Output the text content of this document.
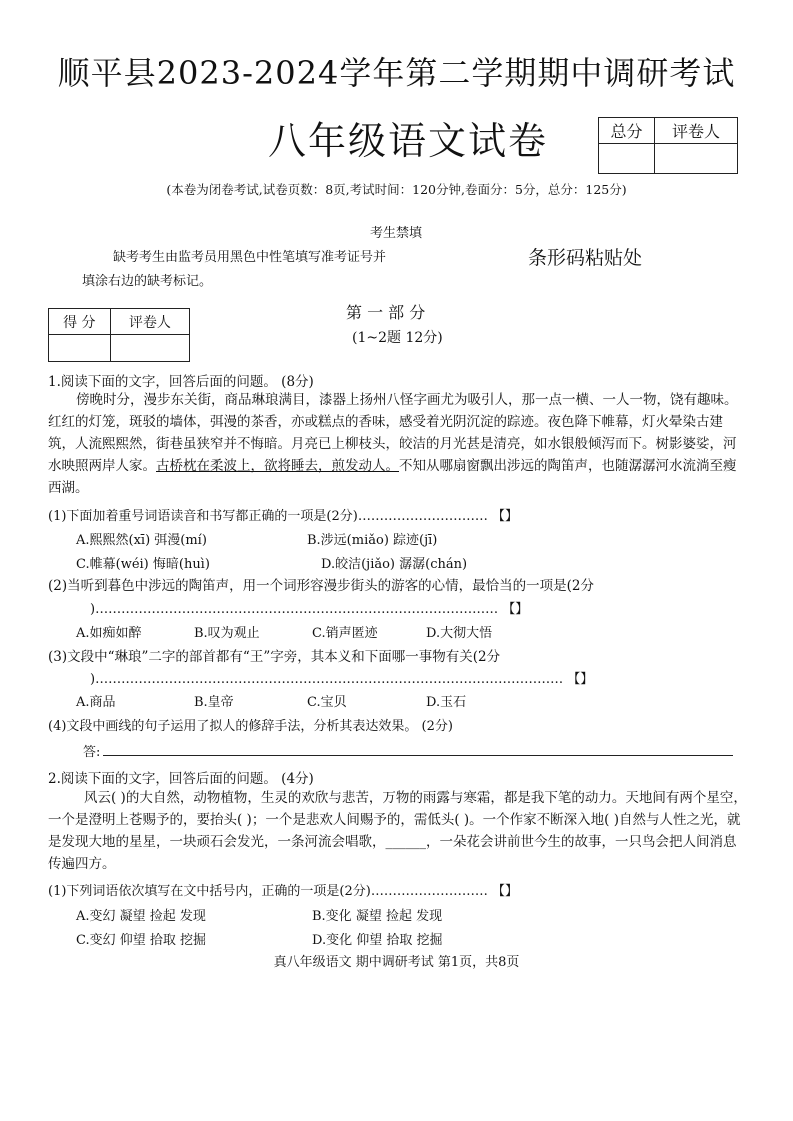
顺平县2023-2024学年第二学期期中调研考试
八年级语文试卷	总分	评卷人

(本卷为闭卷考试,试卷页数：8页,考试时间：120分钟,卷面分：5分，总分：125分)
考生禁填
缺考考生由监考员用黑色中性笔填写准考证号并
填涂右边的缺考标记。
条形码粘贴处
得 分	评卷人

第 一 部 分
(1~2题 12分)
1.阅读下面的文字，回答后面的问题。 (8分)
傍晚时分，漫步东关街，商品琳琅满目，漆器上扬州八怪字画尤为吸引人，那一点一横、一人一物，饶有趣味。红红的灯笼，斑驳的墙体，弭漫的茶香，亦或糕点的香味，感受着光阴沉淀的踪迹。夜色降下帷幕，灯火晕染古建筑，人流熙熙然，街巷虽狭窄并不悔暗。月亮已上柳枝头，皎洁的月光甚是清亮，如水银般倾泻而下。树影婆娑，河水映照两岸人家。古桥枕在柔波上，欲将睡去，煎发动人。不知从哪扇窗飘出涉远的陶笛声，也随潺潺河水流淌至瘦西湖。
(1)下面加着重号词语读音和书写都正确的一项是(2分)………………………… 【】
A.熙熙然(xī) 弭漫(mí)	B.涉远(miǎo) 踪迹(jī)
C.帷幕(wéi) 悔暗(huì)	D.皎洁(jiǎo) 潺潺(chán)
(2)当听到暮色中涉远的陶笛声，用一个词形容漫步街头的游客的心情，最恰当的一项是(2分
)………………………………………………………………………………… 【】
A.如痴如醉	B.叹为观止	C.销声匿迹	D.大彻大悟
(3)文段中“琳琅”二字的部首都有“王”字旁，其本义和下面哪一事物有关(2分
)……………………………………………………………………………………………… 【】
A.商品	B.皇帝	C.宝贝	D.玉石
(4)文段中画线的句子运用了拟人的修辞手法，分析其表达效果。 (2分)
答:
2.阅读下面的文字，回答后面的问题。 (4分)
风云( )的大自然，动物植物，生灵的欢欣与悲苦，万物的雨露与寒霜，都是我下笔的动力。天地间有两个星空，一个是澄明上苍赐予的，要抬头( )；一个是悲欢人间赐予的，需低头( )。一个作家不断深入地( )自然与人性之光，就是发现大地的星星，一块顽石会发光，一条河流会唱歌，______，一朵花会讲前世今生的故事，一只鸟会把人间消息传遍四方。
(1)下列词语依次填写在文中括号内，正确的一项是(2分)……………………… 【】
A.变幻 凝望 捡起 发现	B.变化 凝望 捡起 发现
C.变幻 仰望 拾取 挖掘	D.变化 仰望 拾取 挖掘
真八年级语文 期中调研考试 第1页，共8页
